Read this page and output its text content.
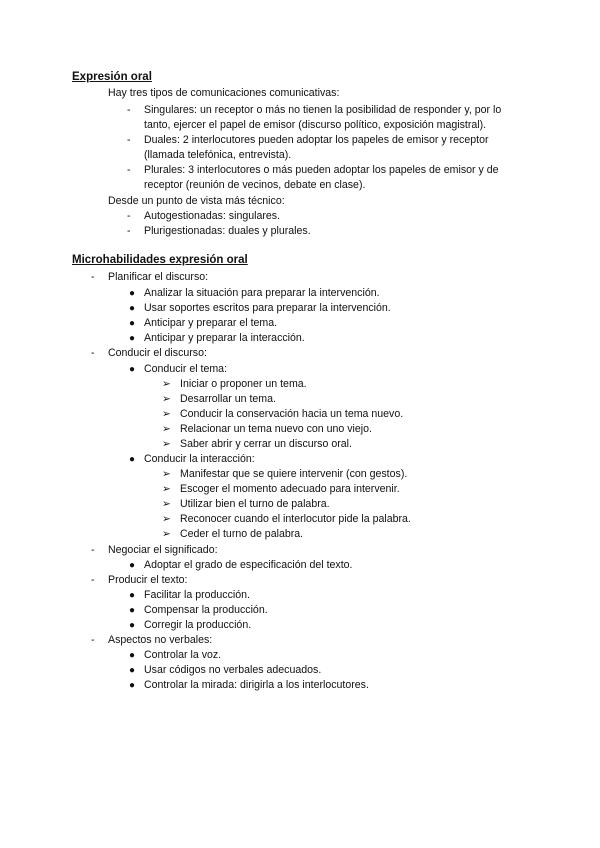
Expresión oral
Hay tres tipos de comunicaciones comunicativas:
- Singulares: un receptor o más no tienen la posibilidad de responder y, por lo
tanto, ejercer el papel de emisor (discurso político, exposición magistral).
- Duales: 2 interlocutores pueden adoptar los papeles de emisor y receptor
(llamada telefónica, entrevista).
- Plurales: 3 interlocutores o más pueden adoptar los papeles de emisor y de
receptor (reunión de vecinos, debate en clase).
Desde un punto de vista más técnico:
- Autogestionadas: singulares.
- Plurigestionadas: duales y plurales.
Microhabilidades expresión oral
- Planificar el discurso:
● Analizar la situación para preparar la intervención.
● Usar soportes escritos para preparar la intervención.
● Anticipar y preparar el tema.
● Anticipar y preparar la interacción.
- Conducir el discurso:
● Conducir el tema:
➢ Iniciar o proponer un tema.
➢ Desarrollar un tema.
➢ Conducir la conservación hacia un tema nuevo.
➢ Relacionar un tema nuevo con uno viejo.
➢ Saber abrir y cerrar un discurso oral.
● Conducir la interacción:
➢ Manifestar que se quiere intervenir (con gestos).
➢ Escoger el momento adecuado para intervenir.
➢ Utilizar bien el turno de palabra.
➢ Reconocer cuando el interlocutor pide la palabra.
➢ Ceder el turno de palabra.
- Negociar el significado:
● Adoptar el grado de especificación del texto.
- Producir el texto:
● Facilitar la producción.
● Compensar la producción.
● Corregir la producción.
- Aspectos no verbales:
● Controlar la voz.
● Usar códigos no verbales adecuados.
● Controlar la mirada: dirigirla a los interlocutores.
